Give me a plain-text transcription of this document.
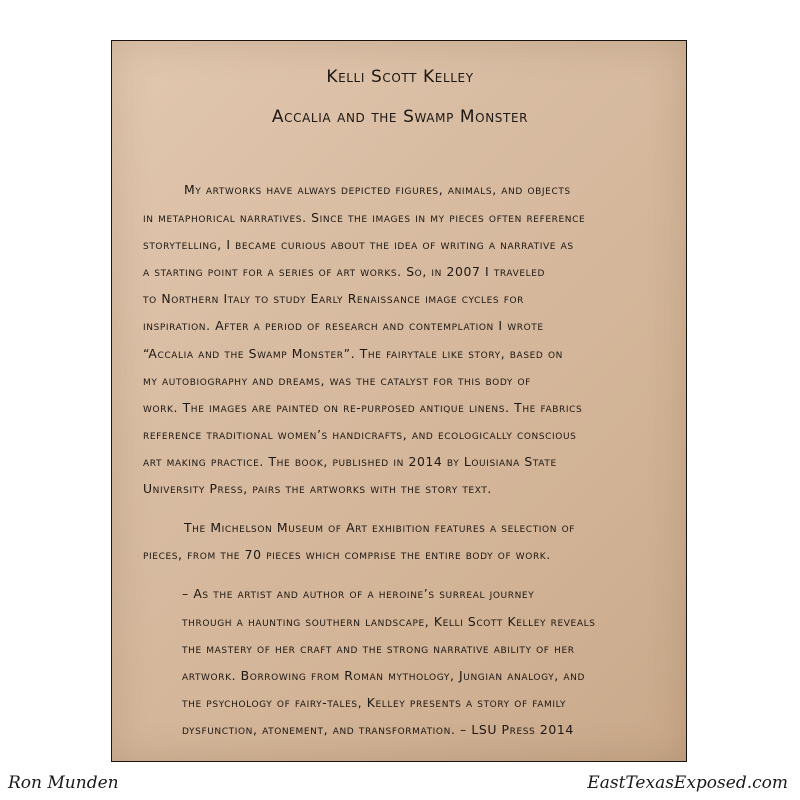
Kelli Scott Kelley
Accalia and the Swamp Monster
My artworks have always depicted figures, animals, and objects
in metaphorical narratives. Since the images in my pieces often reference
storytelling, I became curious about the idea of writing a narrative as
a starting point for a series of art works. So, in 2007 I traveled
to Northern Italy to study Early Renaissance image cycles for
inspiration. After a period of research and contemplation I wrote
“Accalia and the Swamp Monster”. The fairytale like story, based on
my autobiography and dreams, was the catalyst for this body of
work. The images are painted on re-purposed antique linens. The fabrics
reference traditional women’s handicrafts, and ecologically conscious
art making practice. The book, published in 2014 by Louisiana State
University Press, pairs the artworks with the story text.
The Michelson Museum of Art exhibition features a selection of
pieces, from the 70 pieces which comprise the entire body of work.
– As the artist and author of a heroine’s surreal journey
through a haunting southern landscape, Kelli Scott Kelley reveals
the mastery of her craft and the strong narrative ability of her
artwork. Borrowing from Roman mythology, Jungian analogy, and
the psychology of fairy-tales, Kelley presents a story of family
dysfunction, atonement, and transformation. – LSU Press 2014
Ron Munden	EastTexasExposed.com
